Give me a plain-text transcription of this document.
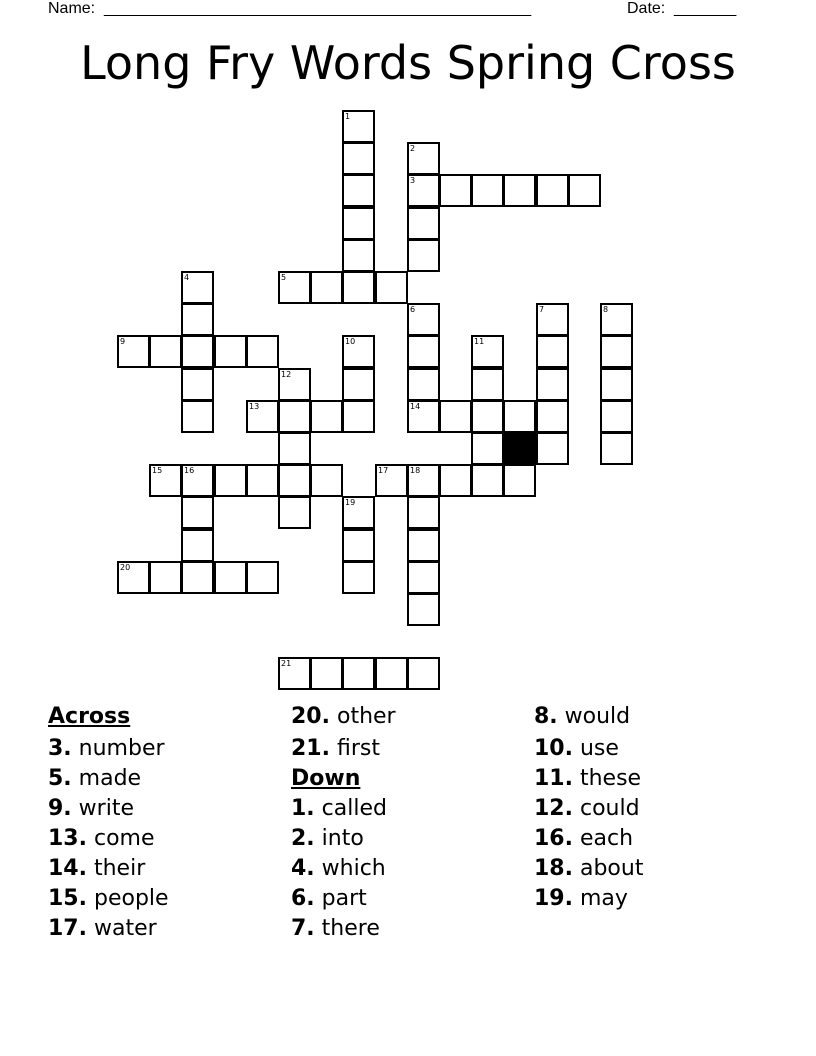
Name: ________________________________________________	Date: _______
Long Fry Words Spring Cross
1
2
3
4	5
6	7	8
9	10	11
12
13	14
15	16	17	18
19
20
21
Across
3. number
5. made
9. write
13. come
14. their
15. people
17. water
20. other
21. first
Down
1. called
2. into
4. which
6. part
7. there
8. would
10. use
11. these
12. could
16. each
18. about
19. may
